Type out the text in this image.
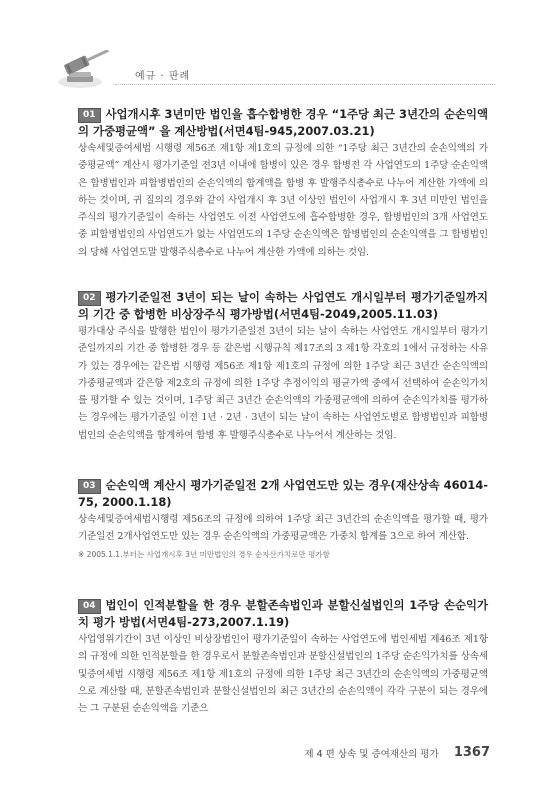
예규 · 판례

01 사업개시후 3년미만 법인을 흡수합병한 경우 “1주당 최근 3년간의 순손익액의 가중평균액” 을 계산방법(서면4팀-945,2007.03.21)

상속세및증여세법 시행령 제56조 제1항 제1호의 규정에 의한 “1주당 최근 3년간의 순손익액의 가중평균액” 계산시 평가기준일 전3년 이내에 합병이 있은 경우 합병전 각 사업연도의 1주당 순손익액은 합병법인과 피합병법인의 순손익액의 합계액을 합병 후 발행주식총수로 나누어 계산한 가액에 의하는 것이며, 귀 질의의 경우와 같이 사업개시 후 3년 이상인 법인이 사업개시 후 3년 미만인 법인을 주식의 평가기준일이 속하는 사업연도 이전 사업연도에 흡수합병한 경우, 합병법인의 3개 사업연도 중 피합병법인의 사업연도가 없는 사업연도의 1주당 순손익액은 합병법인의 순손익액을 그 합병법인의 당해 사업연도말 발행주식총수로 나누어 계산한 가액에 의하는 것임.

02 평가기준일전 3년이 되는 날이 속하는 사업연도 개시일부터 평가기준일까지의 기간 중 합병한 비상장주식 평가방법(서면4팀-2049,2005.11.03)

평가대상 주식을 발행한 법인이 평가기준일전 3년이 되는 날이 속하는 사업연도 개시일부터 평가기준일까지의 기간 중 합병한 경우 등 같은법 시행규칙 제17조의 3 제1항 각호의 1에서 규정하는 사유가 있는 경우에는 같은법 시행령 제56조 제1항 제1호의 규정에 의한 1주당 최근 3년간 순손익액의 가중평균액과 같은항 제2호의 규정에 의한 1주당 추정이익의 평균가액 중에서 선택하여 순손익가치를 평가할 수 있는 것이며, 1주당 최근 3년간 순손익액의 가중평균액에 의하여 순손익가치를 평가하는 경우에는 평가기준일 이전 1년 · 2년 · 3년이 되는 날이 속하는 사업연도별로 합병법인과 피합병법인의 순손익액을 합계하여 합병 후 발행주식총수로 나누어서 계산하는 것임.

03 순손익액 계산시 평가기준일전 2개 사업연도만 있는 경우(재산상속 46014-75, 2000.1.18)

상속세및증여세법시행령 제56조의 규정에 의하여 1주당 최근 3년간의 순손익액을 평가할 때, 평가기준일전 2개사업연도만 있는 경우 순손익액의 가중평균액은 가중치 합계를 3으로 하여 계산함.

※ 2005.1.1.부터는 사업개시후 3년 미만법인의 경우 순자산가치로만 평가함

04 법인이 인적분할을 한 경우 분할존속법인과 분할신설법인의 1주당 손순익가치 평가 방법(서면4팀-273,2007.1.19)

사업영위기간이 3년 이상인 비상장법인이 평가기준일이 속하는 사업연도에 법인세법 제46조 제1항의 규정에 의한 인적분할을 한 경우로서 분할존속법인과 분할신설법인의 1주당 순손익가치를 상속세및증여세법 시행령 제56조 제1항 제1호의 규정에 의한 1주당 최근 3년간의 순손익액의 가중평균액으로 계산할 때, 분할존속법인과 분할신설법인의 최근 3년간의 순손익액이 각각 구분이 되는 경우에는 그 구분된 순손익액을 기준으

제 4 편 상속 및 증여재산의 평가 1367
